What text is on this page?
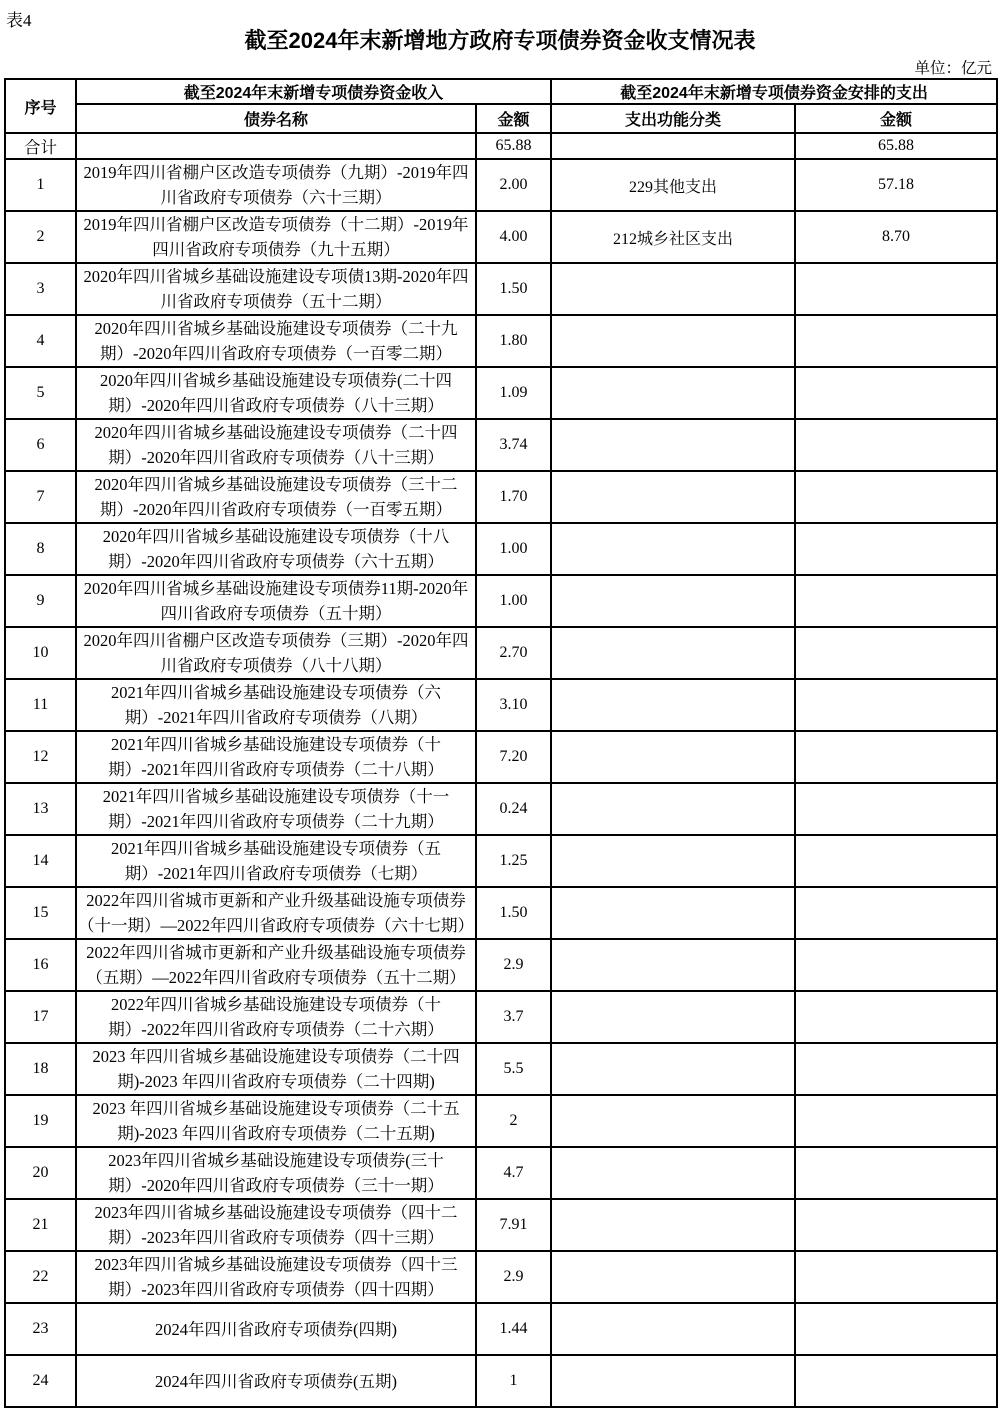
表4
截至2024年末新增地方政府专项债券资金收支情况表
单位：亿元
序号	截至2024年末新增专项债券资金收入		截至2024年末新增专项债券资金安排的支出	
	债券名称	金额	支出功能分类	金额
合计		65.88		65.88
1	2019年四川省棚户区改造专项债券（九期）-2019年四川省政府专项债券（六十三期）	2.00	229其他支出	57.18
2	2019年四川省棚户区改造专项债券（十二期）-2019年四川省政府专项债券（九十五期）	4.00	212城乡社区支出	8.70
3	2020年四川省城乡基础设施建设专项债13期-2020年四川省政府专项债券（五十二期）	1.50		
4	2020年四川省城乡基础设施建设专项债券（二十九期）-2020年四川省政府专项债券（一百零二期）	1.80		
5	2020年四川省城乡基础设施建设专项债券(二十四期）-2020年四川省政府专项债券（八十三期）	1.09		
6	2020年四川省城乡基础设施建设专项债券（二十四期）-2020年四川省政府专项债券（八十三期）	3.74		
7	2020年四川省城乡基础设施建设专项债券（三十二期）-2020年四川省政府专项债券（一百零五期）	1.70		
8	2020年四川省城乡基础设施建设专项债券（十八期）-2020年四川省政府专项债券（六十五期）	1.00		
9	2020年四川省城乡基础设施建设专项债券11期-2020年四川省政府专项债券（五十期）	1.00		
10	2020年四川省棚户区改造专项债券（三期）-2020年四川省政府专项债券（八十八期）	2.70		
11	2021年四川省城乡基础设施建设专项债券（六期）-2021年四川省政府专项债券（八期）	3.10		
12	2021年四川省城乡基础设施建设专项债券（十期）-2021年四川省政府专项债券（二十八期）	7.20		
13	2021年四川省城乡基础设施建设专项债券（十一期）-2021年四川省政府专项债券（二十九期）	0.24		
14	2021年四川省城乡基础设施建设专项债券（五期）-2021年四川省政府专项债券（七期）	1.25		
15	2022年四川省城市更新和产业升级基础设施专项债券（十一期）—2022年四川省政府专项债券（六十七期）	1.50		
16	2022年四川省城市更新和产业升级基础设施专项债券（五期）—2022年四川省政府专项债券（五十二期）	2.9		
17	2022年四川省城乡基础设施建设专项债券（十期）-2022年四川省政府专项债券（二十六期）	3.7		
18	2023 年四川省城乡基础设施建设专项债券（二十四期)-2023 年四川省政府专项债券（二十四期)	5.5		
19	2023 年四川省城乡基础设施建设专项债券（二十五期)-2023 年四川省政府专项债券（二十五期)	2		
20	2023年四川省城乡基础设施建设专项债券(三十期）-2020年四川省政府专项债券（三十一期）	4.7		
21	2023年四川省城乡基础设施建设专项债券（四十二期）-2023年四川省政府专项债券（四十三期）	7.91		
22	2023年四川省城乡基础设施建设专项债券（四十三期）-2023年四川省政府专项债券（四十四期）	2.9		
23	2024年四川省政府专项债券(四期)	1.44		
24	2024年四川省政府专项债券(五期)	1		
